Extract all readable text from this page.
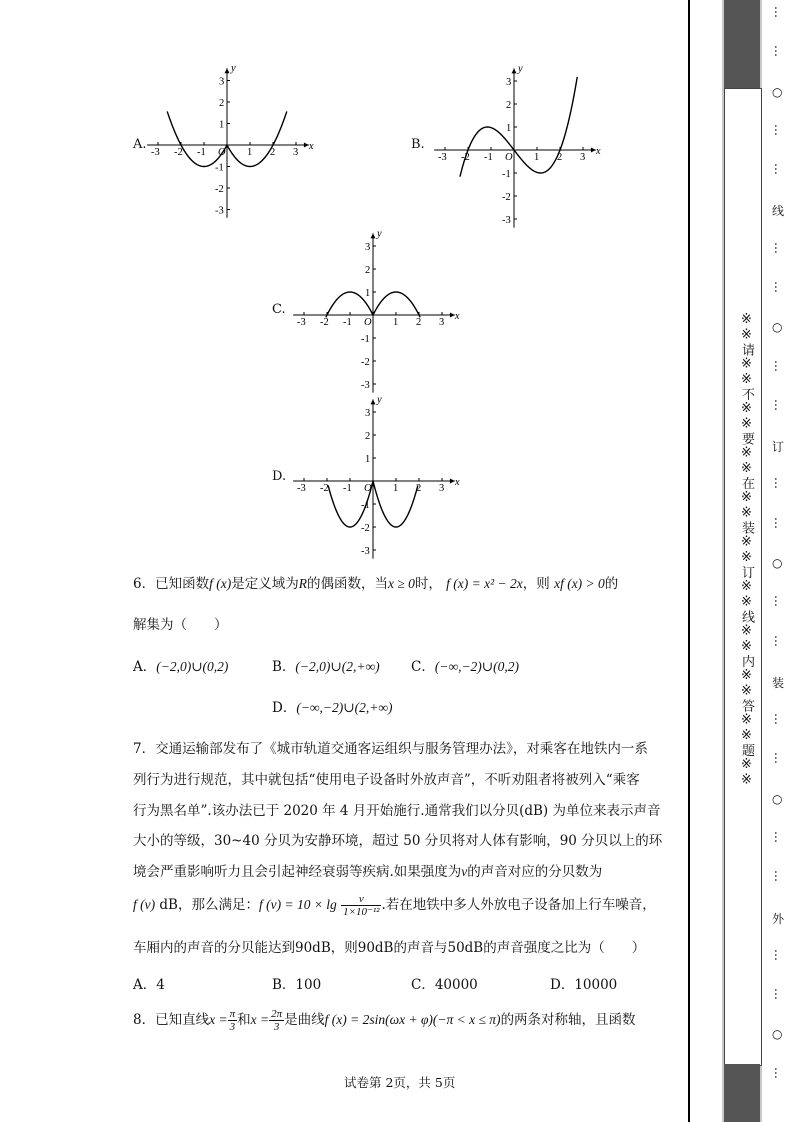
A.
-3 -2 -1	1 2 3
3
2
1
-1
-2
-3
x
y
O
B.
-3 -2 -1	1 2 3
3
2
1
-1
-2
-3
x
y
O
C.
-3 -2 -1	1 2 3
3
2
1
-1
-2
-3
x
y
O
D.
-3 -2 -1	1 2 3
3
2
1
-1
-2
-3
x
y
O
6．已知函数f (x)是定义域为R的偶函数，当x ≥ 0时， f (x) = x² − 2x，则 xf (x) > 0的
解集为（　　）
A．(−2,0)∪(0,2)	B．(−2,0)∪(2,+∞) C．(−∞,−2)∪(0,2)
D．(−∞,−2)∪(2,+∞)
7．交通运输部发布了《城市轨道交通客运组织与服务管理办法》，对乘客在地铁内一系
列行为进行规范，其中就包括“使用电子设备时外放声音”，不听劝阻者将被列入“乘客
行为黑名单”.该办法已于 2020 年 4 月开始施行.通常我们以分贝(dB) 为单位来表示声音
大小的等级，30~40 分贝为安静环境，超过 50 分贝将对人体有影响，90 分贝以上的环
境会严重影响听力且会引起神经衰弱等疾病.如果强度为v的声音对应的分贝数为
f (v) dB，那么满足：f $(v) = 10 \times \lg \frac{v}{\text{1×10⁻¹²}}$ .若在地铁中多人外放电子设备加上行车噪音，
车厢内的声音的分贝能达到90dB，则90dB的声音与50dB的声音强度之比为（　　）
A．4	B．100	C．40000	D．10000
8．已知直线$x = \frac{\pi}{3}$ 和$x = \frac{2\pi}{3}$ 是曲线f (x) = 2sin(ωx + φ)(−π < x ≤ π)的两条对称轴，且函数
试卷第 2页，共 5页
※※请※※不※※要※※在※※装※※订※※线※※内※※答※※题※※
…
…
○
…
…
线
…
…
○
…
…
订
…
…
○
…
…
装
…
…
○
…
…
外
…
…
○
…
